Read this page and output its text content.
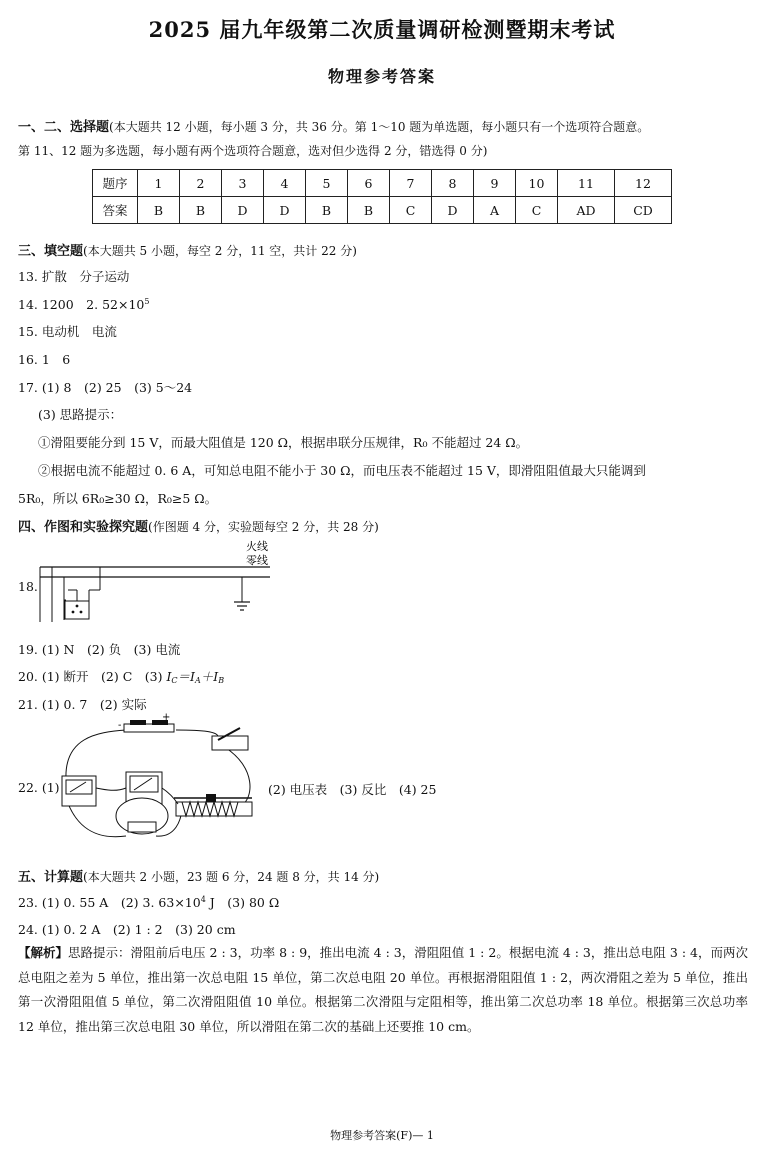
2025 届九年级第二次质量调研检测暨期末考试
物理参考答案
一、二、选择题(本大题共 12 小题，每小题 3 分，共 36 分。第 1～10 题为单选题，每小题只有一个选项符合题意。
第 11、12 题为多选题，每小题有两个选项符合题意，选对但少选得 2 分，错选得 0 分)
题序	1	2	3	4	5	6	7	8	9	10	11	12
答案	B	B	D	D	B	B	C	D	A	C	AD	CD
三、填空题(本大题共 5 小题，每空 2 分，11 空，共计 22 分)
13. 扩散　分子运动
14. 1200　2. $52\times 10^5$
15. 电动机　电流
16. 1　6
17. (1) 8　(2) 25　(3) 5～24
(3) 思路提示：
①滑阻要能分到 15 V，而最大阻值是 120 Ω，根据串联分压规律，R₀ 不能超过 24 Ω。
②根据电流不能超过 0. 6 A，可知总电阻不能小于 30 Ω，而电压表不能超过 15 V，即滑阻阻值最大只能调到
5R₀，所以 6R₀≥30 Ω，R₀≥5 Ω。
四、作图和实验探究题(作图题 4 分，实验题每空 2 分，共 28 分)
18.
火线
零线
19. (1) N　(2) 负　(3) 电流
20. (1) 断开　(2) C　(3) $I_C=I_A+I_B$
21. (1) 0. 7　(2) 实际
22. (1)
-
+
(2) 电压表　(3) 反比　(4) 25
五、计算题(本大题共 2 小题，23 题 6 分，24 题 8 分，共 14 分)
23. (1) 0. 55 A　(2) 3. $63\times 10^4$ J　(3) 80 Ω
24. (1) 0. 2 A　(2) 1 : 2　(3) 20 cm
【解析】思路提示：滑阻前后电压 2 : 3，功率 8 : 9，推出电流 4 : 3，滑阻阻值 1 : 2。根据电流 4 : 3，推出总电阻 3 : 4，而两次总电阻之差为 5 单位，推出第一次总电阻 15 单位，第二次总电阻 20 单位。再根据滑阻阻值 1 : 2，两次滑阻之差为 5 单位，推出第一次滑阻阻值 5 单位，第二次滑阻阻值 10 单位。根据第二次滑阻与定阻相等，推出第二次总功率 18 单位。根据第三次总功率 12 单位，推出第三次总电阻 30 单位，所以滑阻在第二次的基础上还要推 10 cm。
物理参考答案(F)— 1
